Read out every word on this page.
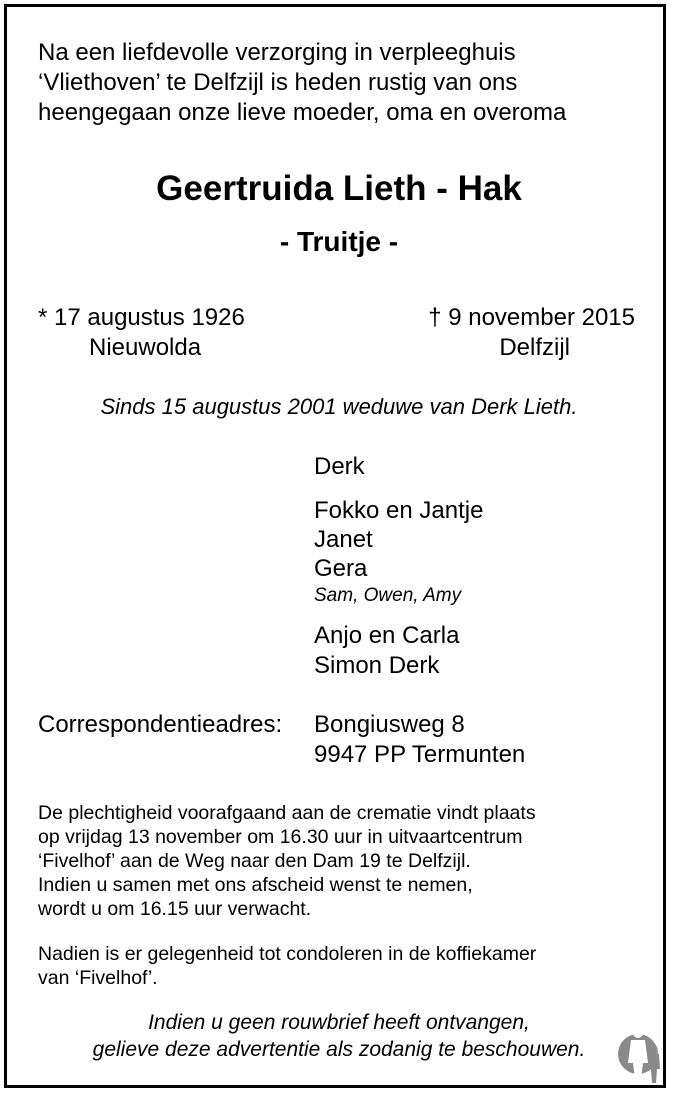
Na een liefdevolle verzorging in verpleeghuis
‘Vliethoven’ te Delfzijl is heden rustig van ons
heengegaan onze lieve moeder, oma en overoma
Geertruida Lieth - Hak
- Truitje -
* 17 augustus 1926
Nieuwolda
† 9 november 2015
Delfzijl
Sinds 15 augustus 2001 weduwe van Derk Lieth.
Derk
Fokko en Jantje
Janet
Gera
Sam, Owen, Amy
Anjo en Carla
Simon Derk
Correspondentieadres: Bongiusweg 8
9947 PP Termunten
De plechtigheid voorafgaand aan de crematie vindt plaats
op vrijdag 13 november om 16.30 uur in uitvaartcentrum
‘Fivelhof’ aan de Weg naar den Dam 19 te Delfzijl.
Indien u samen met ons afscheid wenst te nemen,
wordt u om 16.15 uur verwacht.
Nadien is er gelegenheid tot condoleren in de koffiekamer
van ‘Fivelhof’.
Indien u geen rouwbrief heeft ontvangen,
gelieve deze advertentie als zodanig te beschouwen.
